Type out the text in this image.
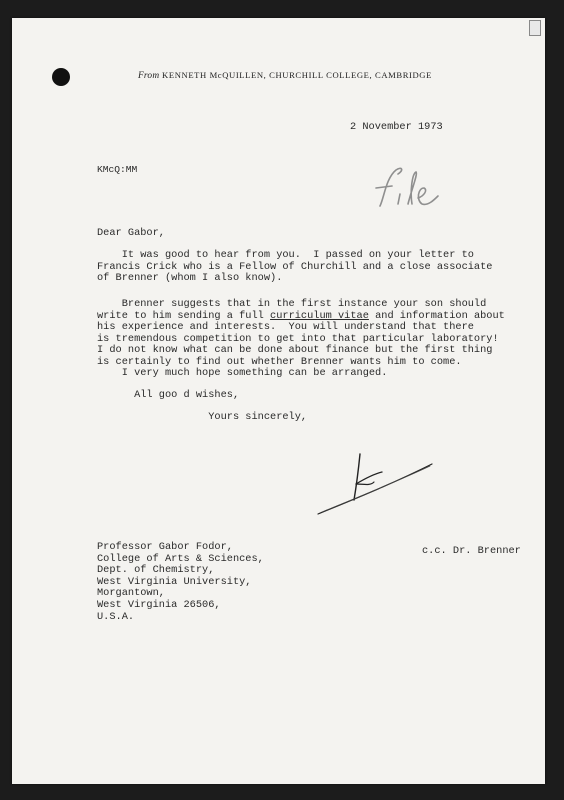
From KENNETH McQUILLEN, CHURCHILL COLLEGE, CAMBRIDGE
2 November 1973
KMcQ:MM
Dear Gabor,
It was good to hear from you.  I passed on your letter to
Francis Crick who is a Fellow of Churchill and a close associate
of Brenner (whom I also know).
Brenner suggests that in the first instance your son should
write to him sending a full curriculum vitae and information about
his experience and interests.  You will understand that there
is tremendous competition to get into that particular laboratory!
I do not know what can be done about finance but the first thing
is certainly to find out whether Brenner wants him to come.
I very much hope something can be arranged.
All goo d wishes,
Yours sincerely,
Professor Gabor Fodor,
College of Arts & Sciences,
Dept. of Chemistry,
West Virginia University,
Morgantown,
West Virginia 26506,
U.S.A.
c.c. Dr. Brenner
